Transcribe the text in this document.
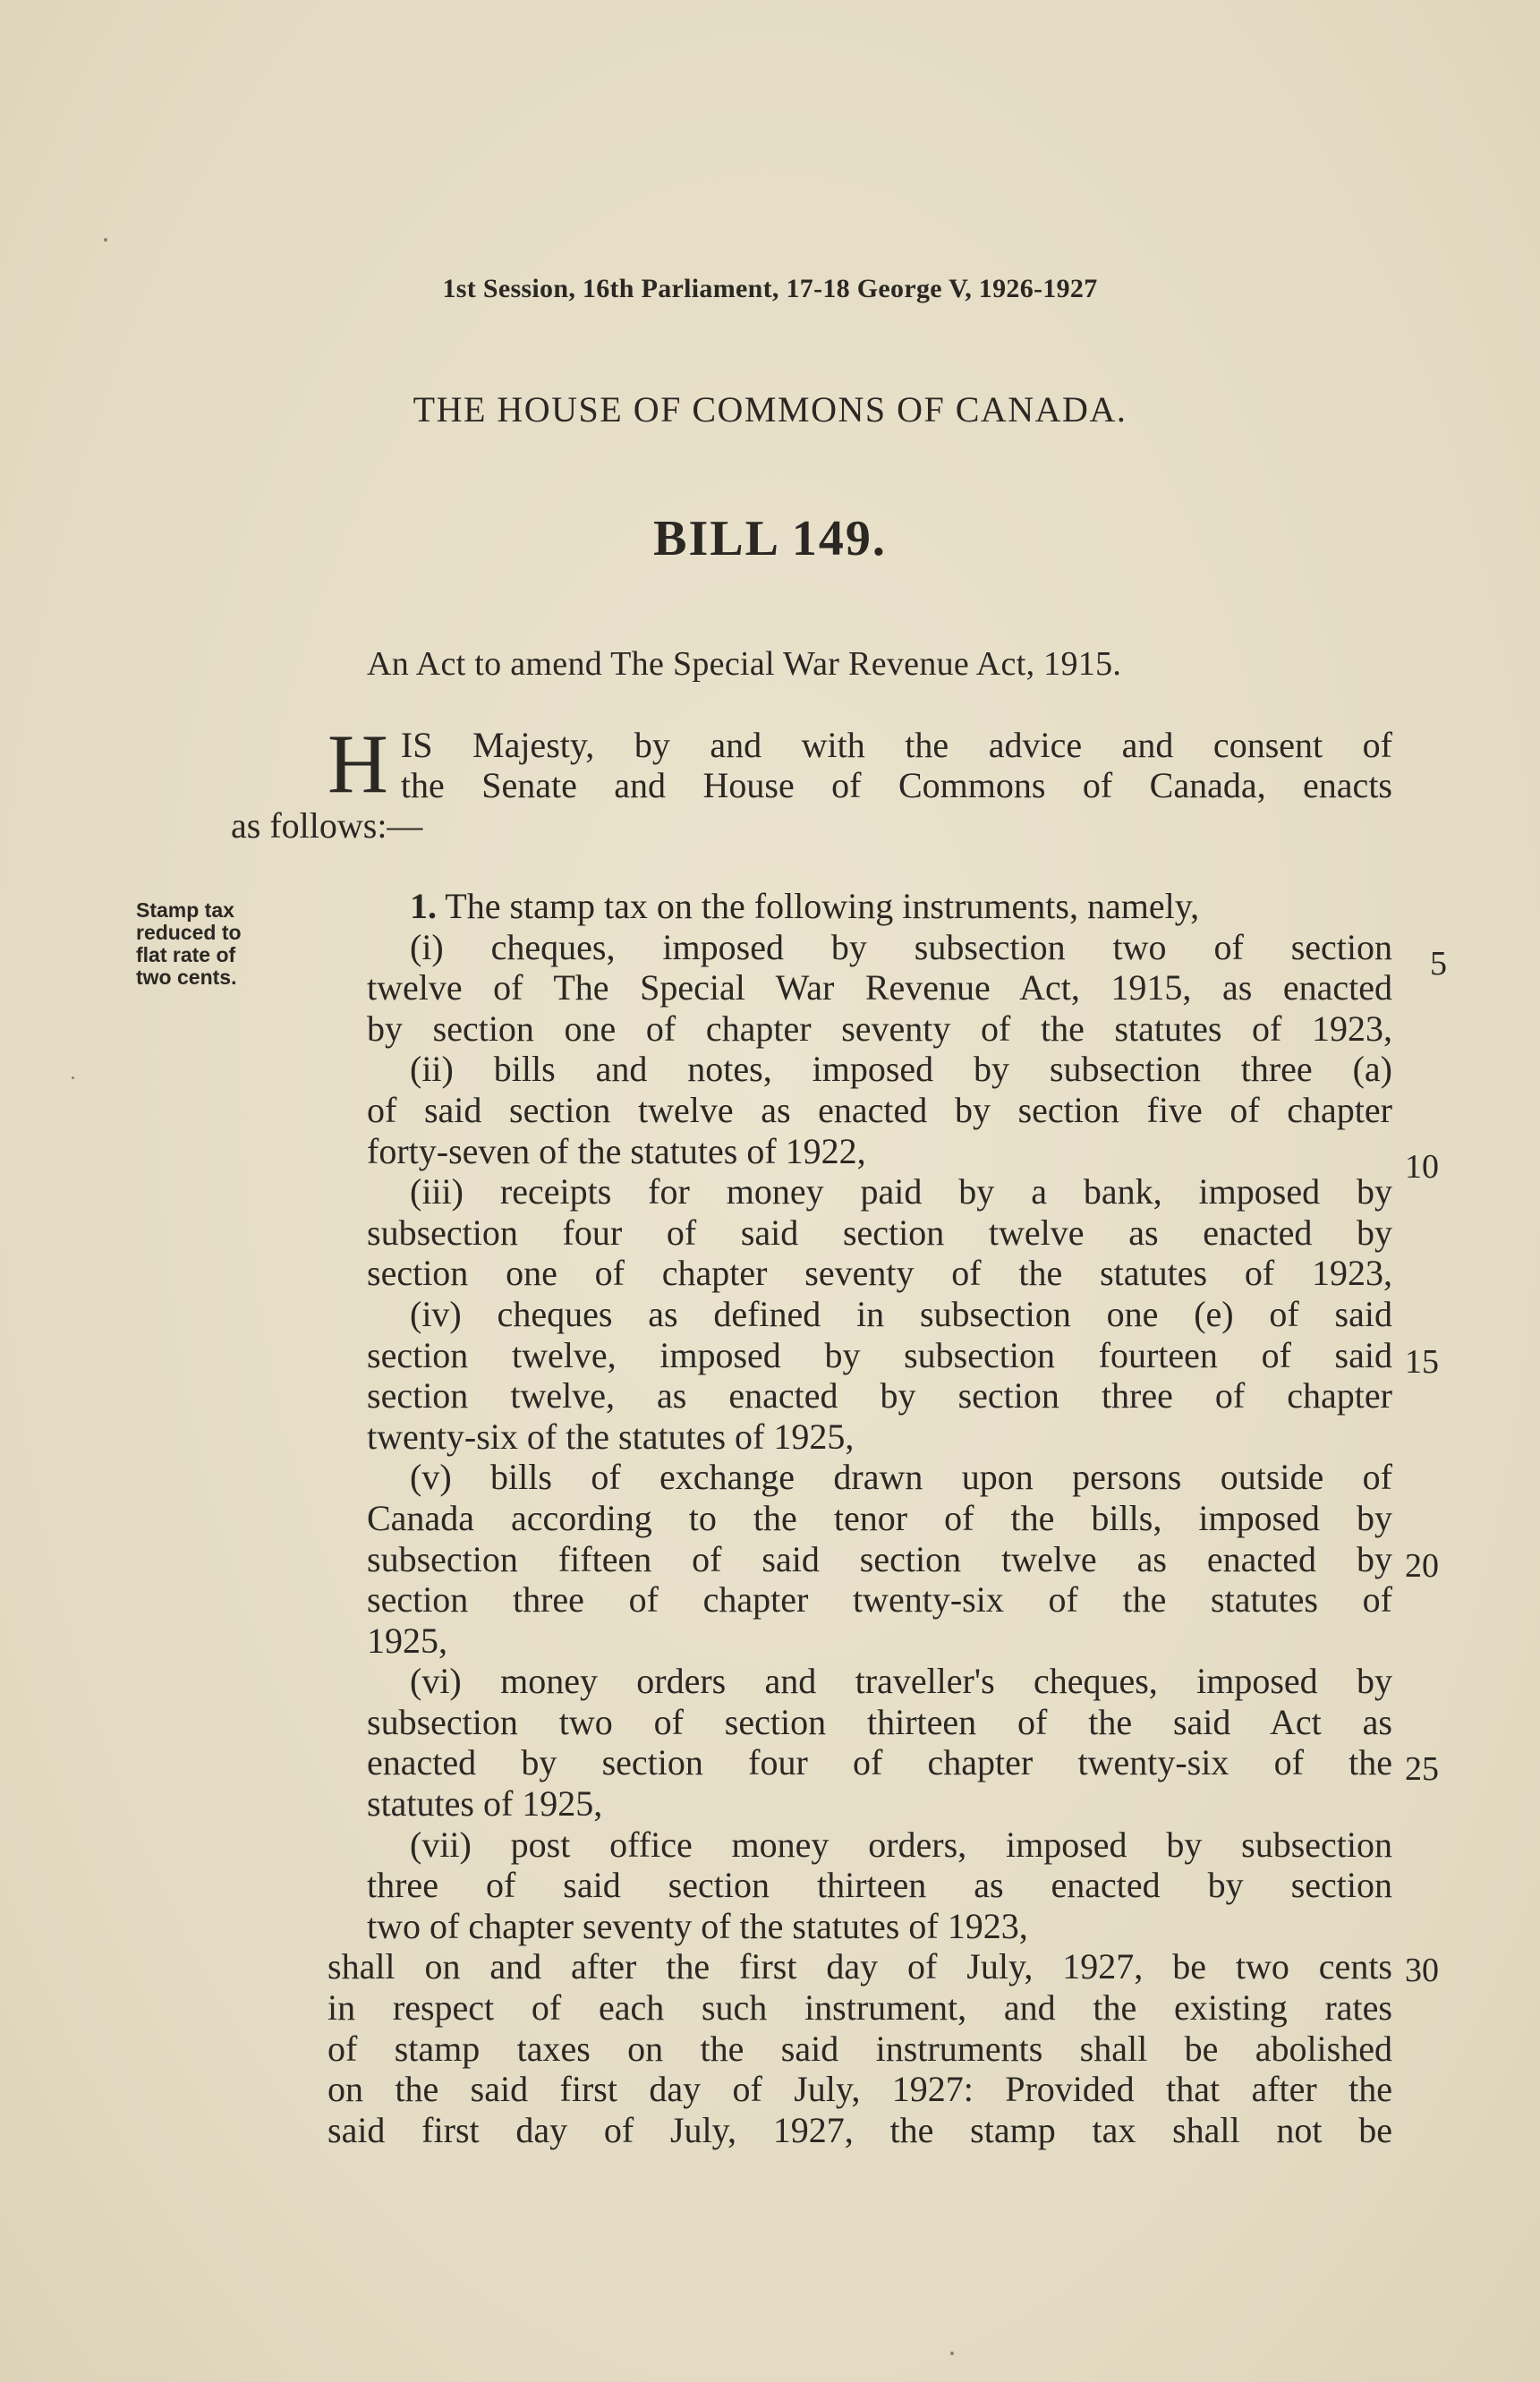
1st Session, 16th Parliament, 17-18 George V, 1926-1927
THE HOUSE OF COMMONS OF CANADA.
BILL 149.
An Act to amend The Special War Revenue Act, 1915.
H IS Majesty, by and with the advice and consent of
the Senate and House of Commons of Canada, enacts
as follows:—
Stamp tax
reduced to
flat rate of
two cents.
1. The stamp tax on the following instruments, namely,
(i) cheques, imposed by subsection two of section
twelve of The Special War Revenue Act, 1915, as enacted
by section one of chapter seventy of the statutes of 1923,
(ii) bills and notes, imposed by subsection three (a)
of said section twelve as enacted by section five of chapter
forty-seven of the statutes of 1922,
(iii) receipts for money paid by a bank, imposed by
subsection four of said section twelve as enacted by
section one of chapter seventy of the statutes of 1923,
(iv) cheques as defined in subsection one (e) of said
section twelve, imposed by subsection fourteen of said
section twelve, as enacted by section three of chapter
twenty-six of the statutes of 1925,
(v) bills of exchange drawn upon persons outside of
Canada according to the tenor of the bills, imposed by
subsection fifteen of said section twelve as enacted by
section three of chapter twenty-six of the statutes of
1925,
(vi) money orders and traveller's cheques, imposed by
subsection two of section thirteen of the said Act as
enacted by section four of chapter twenty-six of the
statutes of 1925,
(vii) post office money orders, imposed by subsection
three of said section thirteen as enacted by section
two of chapter seventy of the statutes of 1923,
shall on and after the first day of July, 1927, be two cents
in respect of each such instrument, and the existing rates
of stamp taxes on the said instruments shall be abolished
on the said first day of July, 1927: Provided that after the
said first day of July, 1927, the stamp tax shall not be
5
10
15
20
25
30
